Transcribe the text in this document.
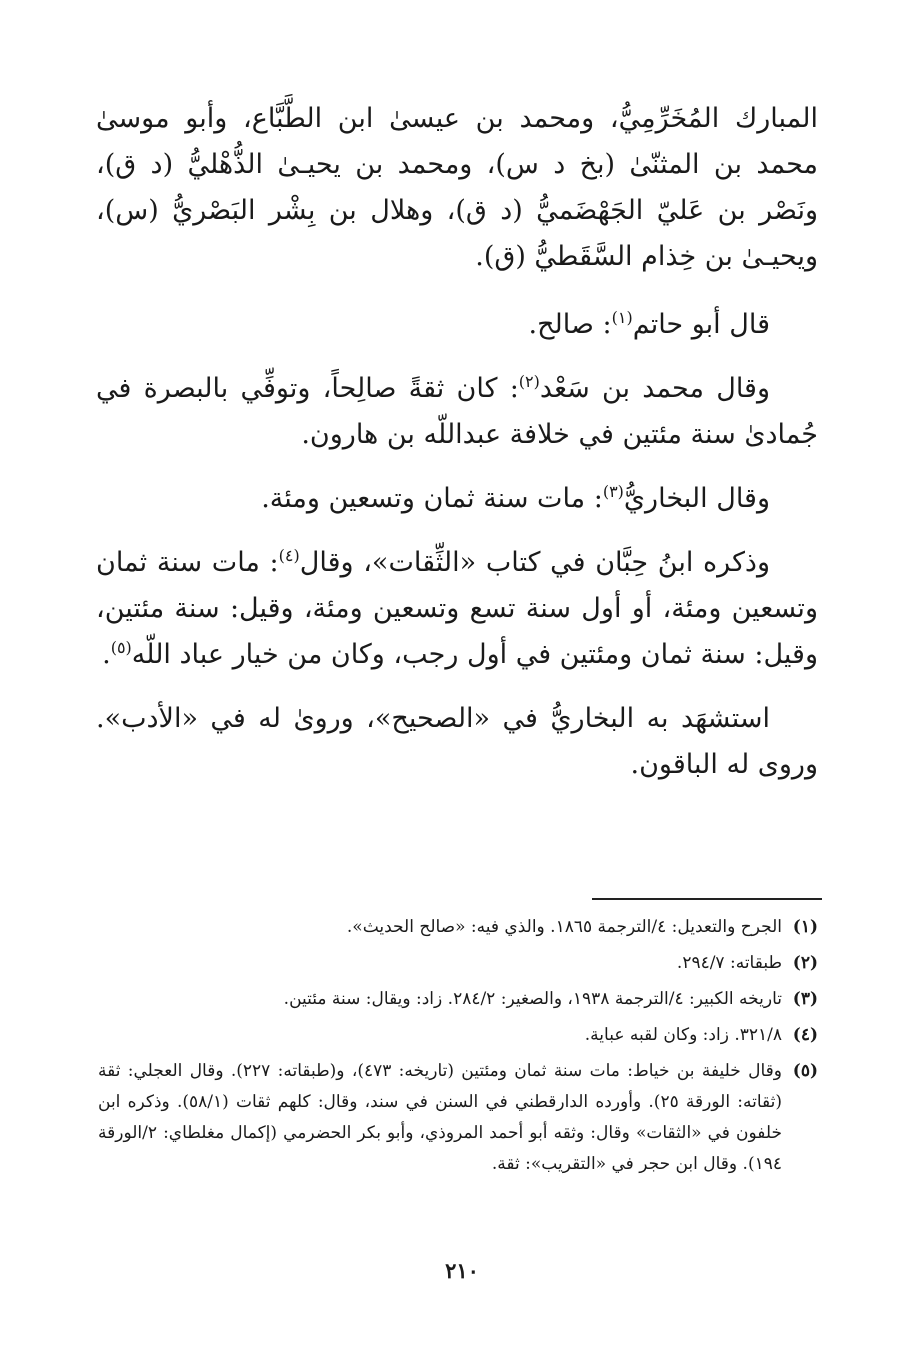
المبارك المُخَرِّمِيُّ، ومحمد بن عيسىٰ ابن الطَّبَّاع، وأبو موسىٰ محمد بن المثنّىٰ (بخ د س)، ومحمد بن يحيـىٰ الذُّهْليُّ (د ق)، ونَصْر بن عَليّ الجَهْضَميُّ (د ق)، وهلال بن بِشْر البَصْريُّ (س)، ويحيـىٰ بن خِذام السَّقَطيُّ (ق).

قال أبو حاتم$^{(١)}$: صالح.

وقال محمد بن سَعْد$^{(٢)}$: كان ثقةً صالِحاً، وتوفِّي بالبصرة في جُمادىٰ سنة مئتين في خلافة عبداللّه بن هارون.

وقال البخاريُّ$^{(٣)}$: مات سنة ثمان وتسعين ومئة.

وذكره ابنُ حِبَّان في كتاب «الثِّقات»، وقال$^{(٤)}$: مات سنة ثمان وتسعين ومئة، أو أول سنة تسع وتسعين ومئة، وقيل: سنة مئتين، وقيل: سنة ثمان ومئتين في أول رجب، وكان من خيار عباد اللّه$^{(٥)}$.

استشهَد به البخاريُّ في «الصحيح»، وروىٰ له في «الأدب». وروى له الباقون.

(١)
الجرح والتعديل: ٤/الترجمة ١٨٦٥. والذي فيه: «صالح الحديث».
(٢)
طبقاته: ٢٩٤/٧.
(٣)
تاريخه الكبير: ٤/الترجمة ١٩٣٨، والصغير: ٢٨٤/٢. زاد: ويقال: سنة مئتين.
(٤)
٣٢١/٨. زاد: وكان لقبه عباية.
(٥)
وقال خليفة بن خياط: مات سنة ثمان ومئتين (تاريخه: ٤٧٣)، و(طبقاته: ٢٢٧). وقال العجلي: ثقة (ثقاته: الورقة ٢٥). وأورده الدارقطني في السنن في سند، وقال: كلهم ثقات (٥٨/١). وذكره ابن خلفون في «الثقات» وقال: وثقه أبو أحمد المروذي، وأبو بكر الحضرمي (إكمال مغلطاي: ٢/الورقة ١٩٤). وقال ابن حجر في «التقريب»: ثقة.
٢١٠
